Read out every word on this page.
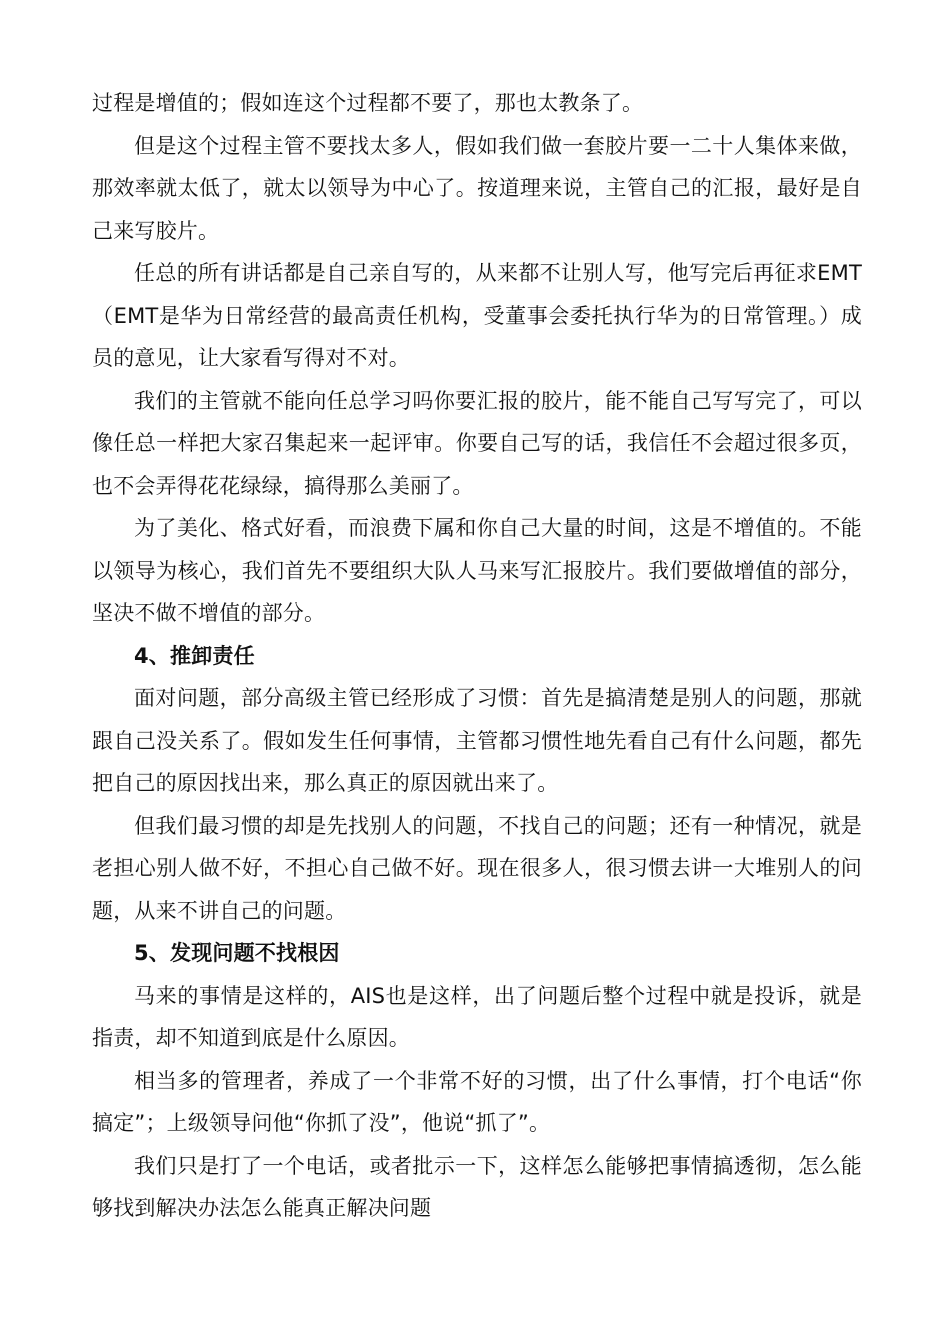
过程是增值的；假如连这个过程都不要了，那也太教条了。

但是这个过程主管不要找太多人，假如我们做一套胶片要一二十人集体来做，那效率就太低了，就太以领导为中心了。按道理来说，主管自己的汇报，最好是自己来写胶片。

任总的所有讲话都是自己亲自写的，从来都不让别人写，他写完后再征求EMT（EMT是华为日常经营的最高责任机构，受董事会委托执行华为的日常管理。）成员的意见，让大家看写得对不对。

我们的主管就不能向任总学习吗你要汇报的胶片，能不能自己写写完了，可以像任总一样把大家召集起来一起评审。你要自己写的话，我信任不会超过很多页，也不会弄得花花绿绿，搞得那么美丽了。

为了美化、格式好看，而浪费下属和你自己大量的时间，这是不增值的。不能以领导为核心，我们首先不要组织大队人马来写汇报胶片。我们要做增值的部分，坚决不做不增值的部分。

4、推卸责任

面对问题，部分高级主管已经形成了习惯：首先是搞清楚是别人的问题，那就跟自己没关系了。假如发生任何事情，主管都习惯性地先看自己有什么问题，都先把自己的原因找出来，那么真正的原因就出来了。

但我们最习惯的却是先找别人的问题，不找自己的问题；还有一种情况，就是老担心别人做不好，不担心自己做不好。现在很多人，很习惯去讲一大堆别人的问题，从来不讲自己的问题。

5、发现问题不找根因

马来的事情是这样的，AIS也是这样，出了问题后整个过程中就是投诉，就是指责，却不知道到底是什么原因。

相当多的管理者，养成了一个非常不好的习惯，出了什么事情，打个电话“你搞定”；上级领导问他“你抓了没”，他说“抓了”。

我们只是打了一个电话，或者批示一下，这样怎么能够把事情搞透彻，怎么能够找到解决办法怎么能真正解决问题
